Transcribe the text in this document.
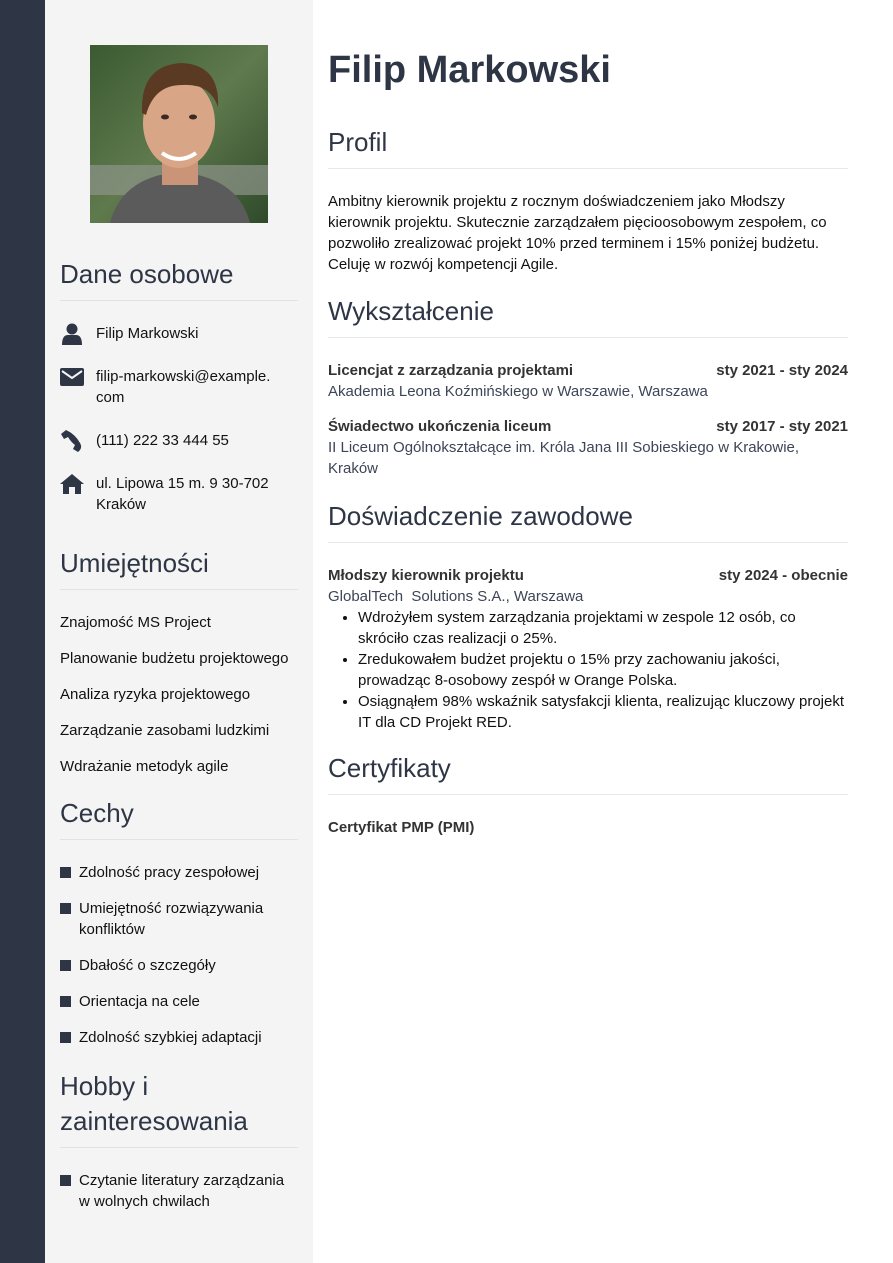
Dane osobowe
Filip Markowski
filip-markowski@example.com
(111) 222 33 444 55
ul. Lipowa 15 m. 9 30-702 Kraków
Umiejętności
Znajomość MS Project
Planowanie budżetu projektowego
Analiza ryzyka projektowego
Zarządzanie zasobami ludzkimi
Wdrażanie metodyk agile
Cechy
Zdolność pracy zespołowej
Umiejętność rozwiązywania konfliktów
Dbałość o szczegóły
Orientacja na cele
Zdolność szybkiej adaptacji
Hobby i zainteresowania
Czytanie literatury zarządzania w wolnych chwilach
Filip Markowski
Profil
Ambitny kierownik projektu z rocznym doświadczeniem jako Młodszy kierownik projektu. Skutecznie zarządzałem pięcioosobowym zespołem, co pozwoliło zrealizować projekt 10% przed terminem i 15% poniżej budżetu. Celuję w rozwój kompetencji Agile.
Wykształcenie
Licencjat z zarządzania projektami	sty 2021 - sty 2024
Akademia Leona Koźmińskiego w Warszawie, Warszawa
Świadectwo ukończenia liceum	sty 2017 - sty 2021
II Liceum Ogólnokształcące im. Króla Jana III Sobieskiego w Krakowie, Kraków
Doświadczenie zawodowe
Młodszy kierownik projektu	sty 2024 - obecnie
GlobalTech  Solutions S.A., Warszawa
• Wdrożyłem system zarządzania projektami w zespole 12 osób, co skróciło czas realizacji o 25%.
• Zredukowałem budżet projektu o 15% przy zachowaniu jakości, prowadząc 8-osobowy zespół w Orange Polska.
• Osiągnąłem 98% wskaźnik satysfakcji klienta, realizując kluczowy projekt IT dla CD Projekt RED.
Certyfikaty
Certyfikat PMP (PMI)
